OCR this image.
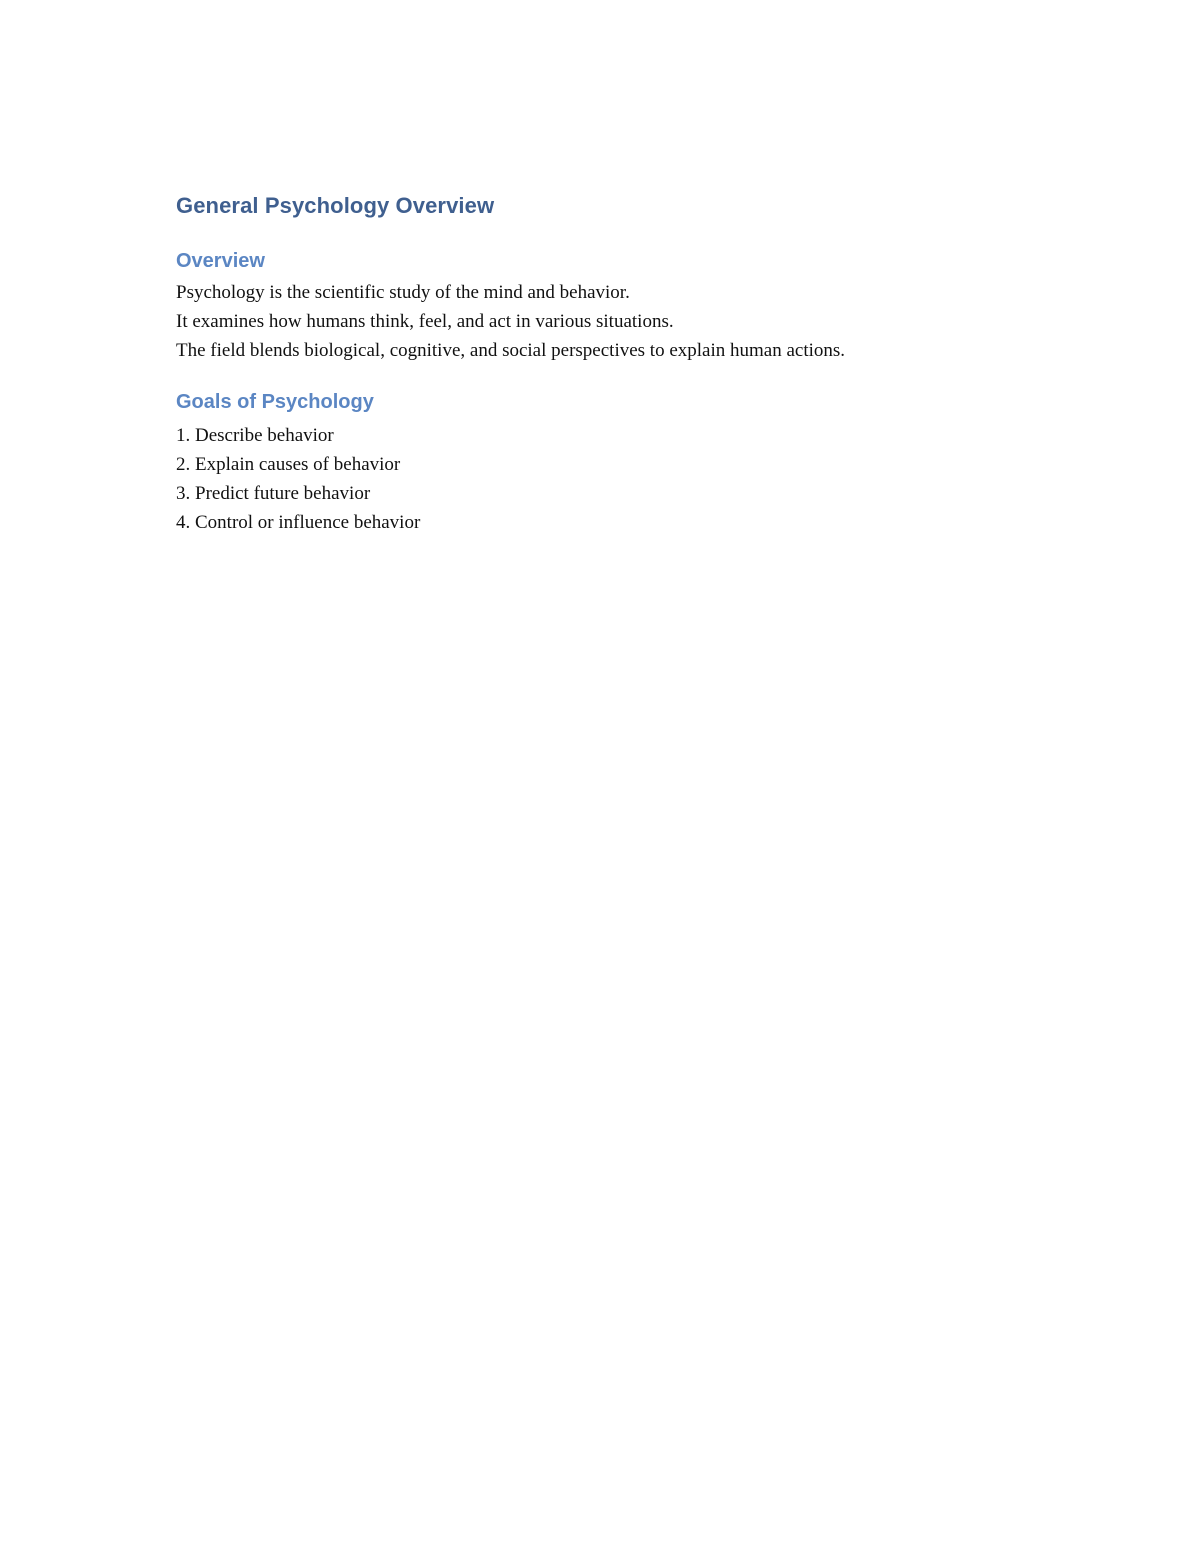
General Psychology Overview
Overview

Psychology is the scientific study of the mind and behavior.

It examines how humans think, feel, and act in various situations.

The field blends biological, cognitive, and social perspectives to explain human actions.

Goals of Psychology

1. Describe behavior

2. Explain causes of behavior

3. Predict future behavior

4. Control or influence behavior
